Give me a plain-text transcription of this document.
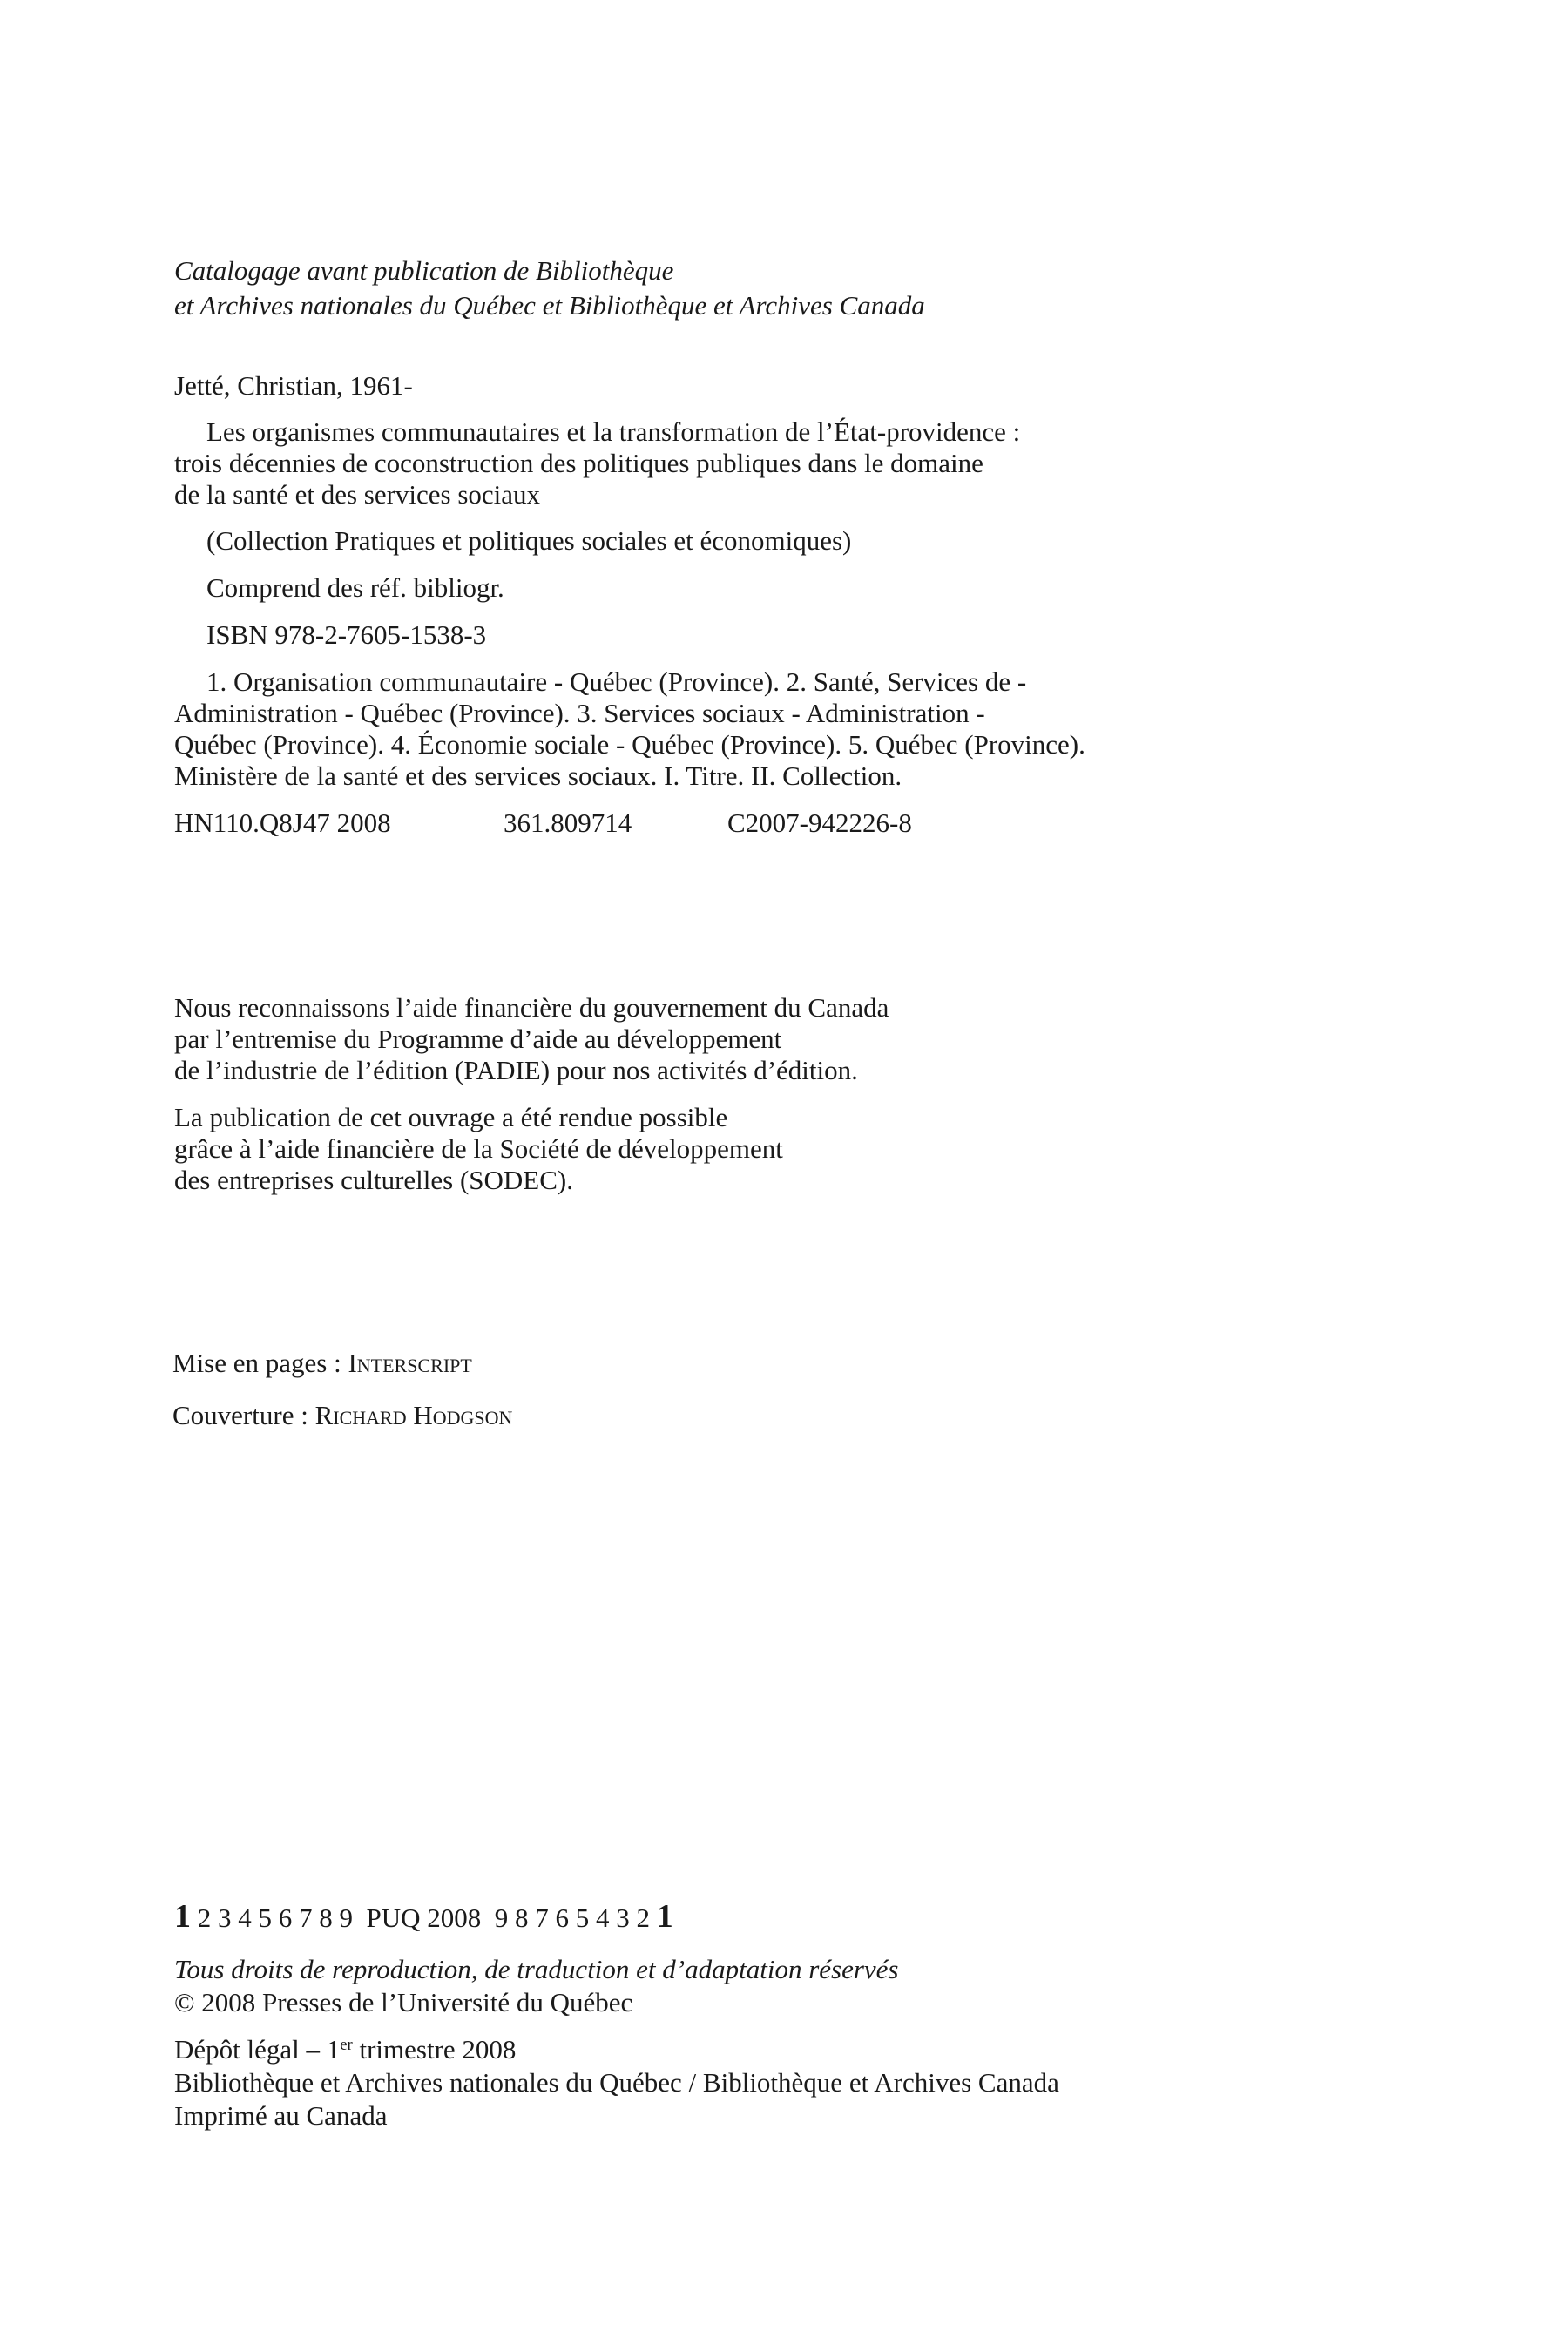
Catalogage avant publication de Bibliothèque
et Archives nationales du Québec et Bibliothèque et Archives Canada
Jetté, Christian, 1961-
Les organismes communautaires et la transformation de l’État-providence :
trois décennies de coconstruction des politiques publiques dans le domaine
de la santé et des services sociaux
(Collection Pratiques et politiques sociales et économiques)
Comprend des réf. bibliogr.
ISBN 978-2-7605-1538-3
1. Organisation communautaire - Québec (Province). 2. Santé, Services de -
Administration - Québec (Province). 3. Services sociaux - Administration -
Québec (Province). 4. Économie sociale - Québec (Province). 5. Québec (Province).
Ministère de la santé et des services sociaux. I. Titre. II. Collection.
HN110.Q8J47 2008	361.809714	C2007-942226-8
Nous reconnaissons l’aide financière du gouvernement du Canada
par l’entremise du Programme d’aide au développement
de l’industrie de l’édition (PADIE) pour nos activités d’édition.
La publication de cet ouvrage a été rendue possible
grâce à l’aide financière de la Société de développement
des entreprises culturelles (SODEC).
Mise en pages : Interscript
Couverture : Richard Hodgson
1 2 3 4 5 6 7 8 9  PUQ 2008  9 8 7 6 5 4 3 2 1
Tous droits de reproduction, de traduction et d’adaptation réservés
© 2008 Presses de l’Université du Québec
Dépôt légal – 1er trimestre 2008
Bibliothèque et Archives nationales du Québec / Bibliothèque et Archives Canada
Imprimé au Canada
